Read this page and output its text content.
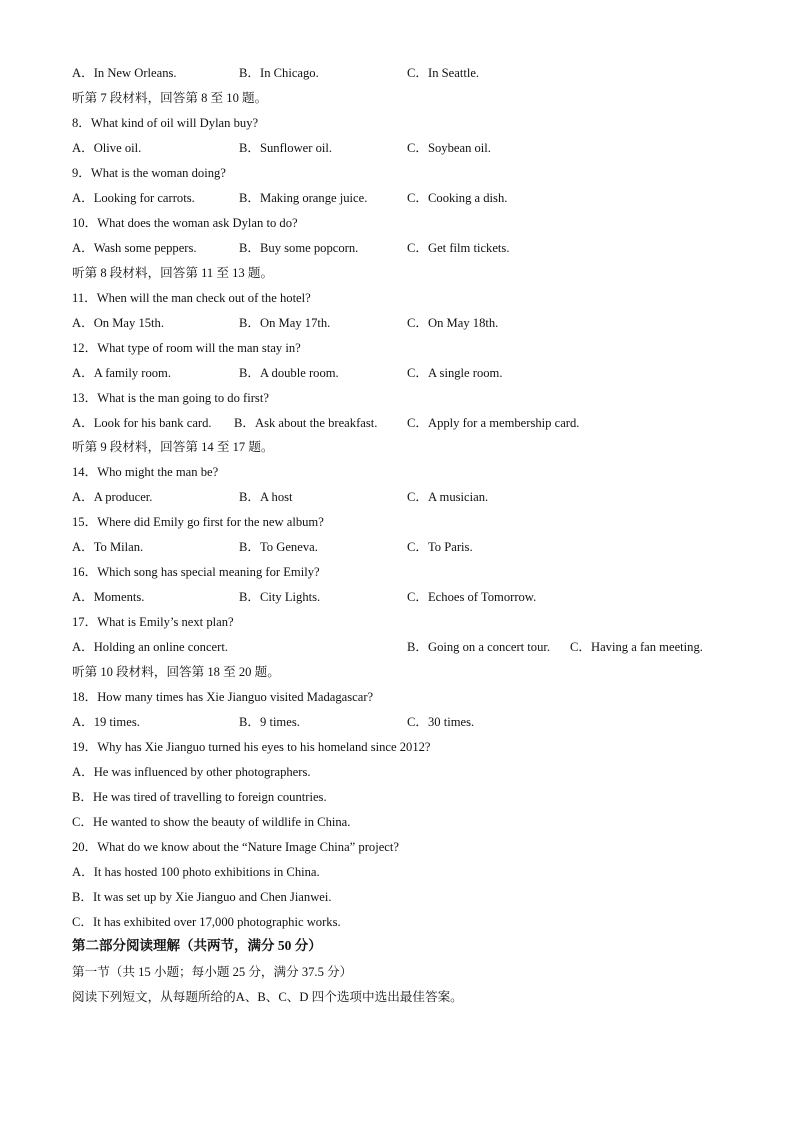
A．In New Orleans.	B．In Chicago.	C．In Seattle.
听第 7 段材料，回答第 8 至 10 题。
8．What kind of oil will Dylan buy?
A．Olive oil.	B．Sunflower oil.	C．Soybean oil.
9．What is the woman doing?
A．Looking for carrots.	B．Making orange juice.	C．Cooking a dish.
10．What does the woman ask Dylan to do?
A．Wash some peppers.	B．Buy some popcorn.	C．Get film tickets.
听第 8 段材料，回答第 11 至 13 题。
11．When will the man check out of the hotel?
A．On May 15th.	B．On May 17th.	C．On May 18th.
12．What type of room will the man stay in?
A．A family room.	B．A double room.	C．A single room.
13．What is the man going to do first?
A．Look for his bank card. B．Ask about the breakfast. C．Apply for a membership card.
听第 9 段材料，回答第 14 至 17 题。
14．Who might the man be?
A．A producer.	B．A host	C．A musician.
15．Where did Emily go first for the new album?
A．To Milan.	B．To Geneva.	C．To Paris.
16．Which song has special meaning for Emily?
A．Moments.	B．City Lights.	C．Echoes of Tomorrow.
17．What is Emily’s next plan?
A．Holding an online concert.	B．Going on a concert tour. C．Having a fan meeting.
听第 10 段材料，回答第 18 至 20 题。
18．How many times has Xie Jianguo visited Madagascar?
A．19 times.	B．9 times.	C．30 times.
19．Why has Xie Jianguo turned his eyes to his homeland since 2012?
A．He was influenced by other photographers.
B．He was tired of travelling to foreign countries.
C．He wanted to show the beauty of wildlife in China.
20．What do we know about the “Nature Image China” project?
A．It has hosted 100 photo exhibitions in China.
B．It was set up by Xie Jianguo and Chen Jianwei.
C．It has exhibited over 17,000 photographic works.
第二部分阅读理解（共两节，满分 50 分）
第一节（共 15 小题；每小题 25 分，满分 37.5 分）
阅读下列短文，从每题所给的A、B、C、D 四个选项中选出最佳答案。
